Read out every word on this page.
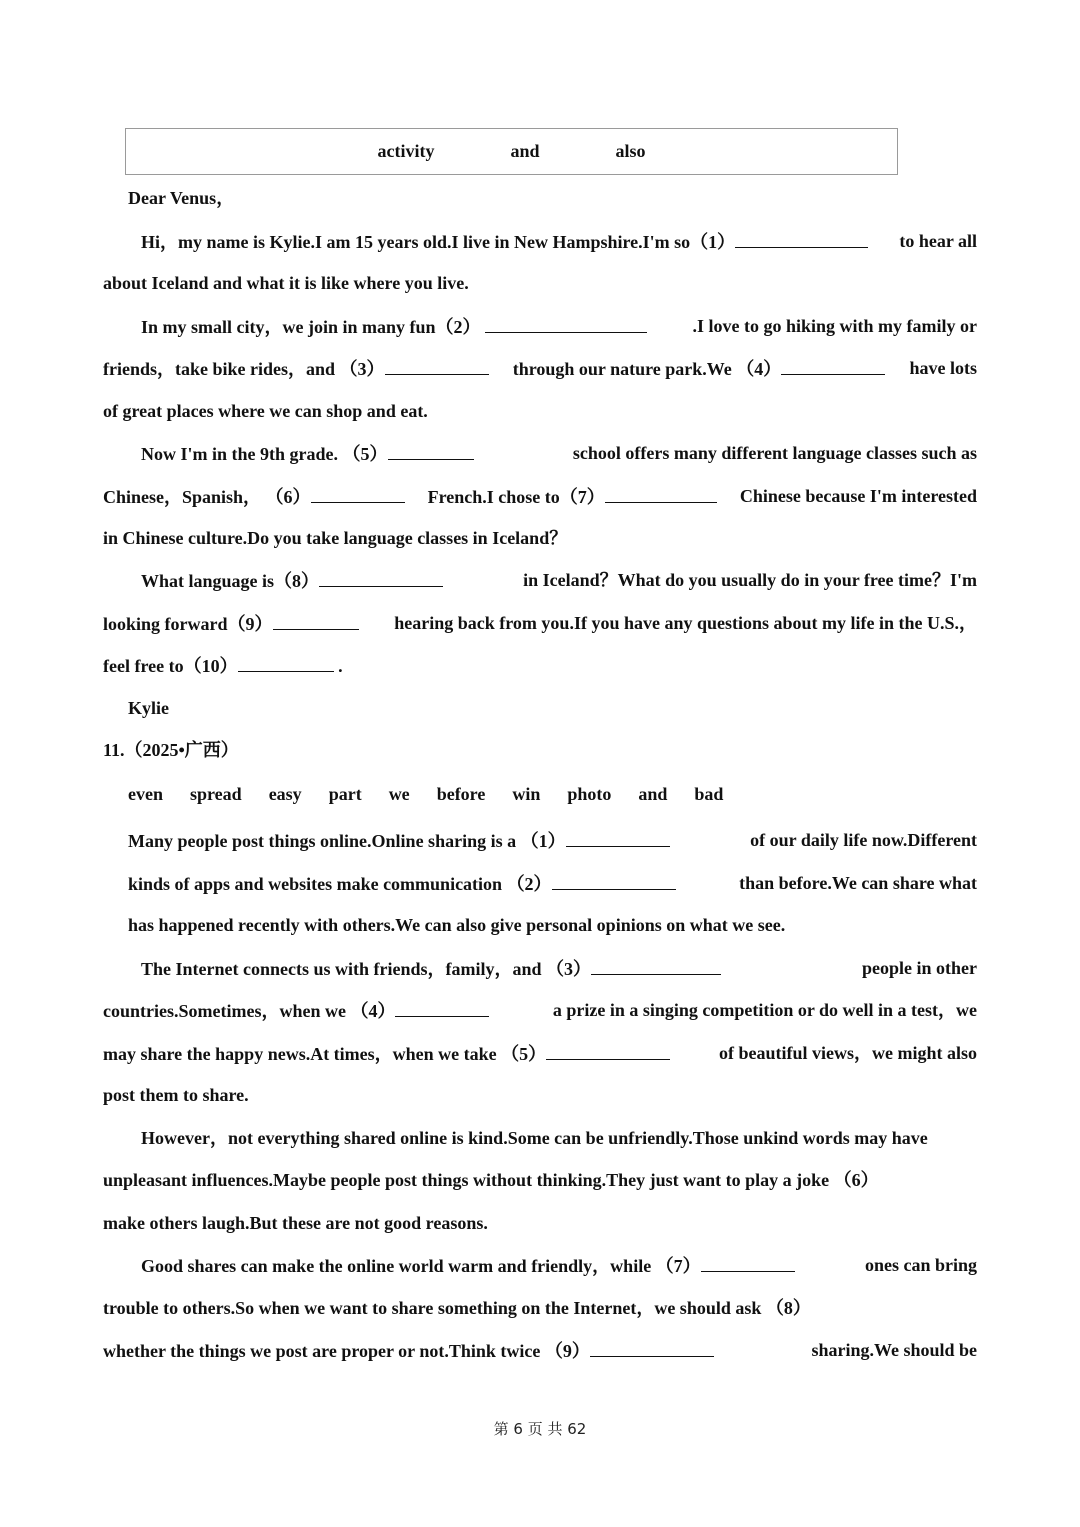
activity	and	also
Dear Venus，
Hi，my name is Kylie.I am 15 years old.I live in New Hampshire.I'm so（1）	to hear all
about Iceland and what it is like where you live.
In my small city，we join in many fun（2）	.I love to go hiking with my family or
friends，take bike rides，and （3）	through our nature park.We （4）	have lots
of great places where we can shop and eat.
Now I'm in the 9th grade. （5）	school offers many different language classes such as
Chinese，Spanish， （6）	French.I chose to（7）	Chinese because I'm interested
in Chinese culture.Do you take language classes in Iceland？
What language is（8）	in Iceland？What do you usually do in your free time？I'm
looking forward（9）	hearing back from you.If you have any questions about my life in the U.S.，
feel free to（10）	.
Kylie
11.（2025•广西）
even spread easy part we before win photo and bad
Many people post things online.Online sharing is a （1）	of our daily life now.Different
kinds of apps and websites make communication （2）	than before.We can share what
has happened recently with others.We can also give personal opinions on what we see.
The Internet connects us with friends，family，and （3）	people in other
countries.Sometimes，when we （4）	a prize in a singing competition or do well in a test，we
may share the happy news.At times，when we take （5）	of beautiful views，we might also
post them to share.
However，not everything shared online is kind.Some can be unfriendly.Those unkind words may have
unpleasant influences.Maybe people post things without thinking.They just want to play a joke （6）
make others laugh.But these are not good reasons.
Good shares can make the online world warm and friendly，while （7）	ones can bring
trouble to others.So when we want to share something on the Internet，we should ask （8）
whether the things we post are proper or not.Think twice （9）	sharing.We should be
第 6 页 共 62
